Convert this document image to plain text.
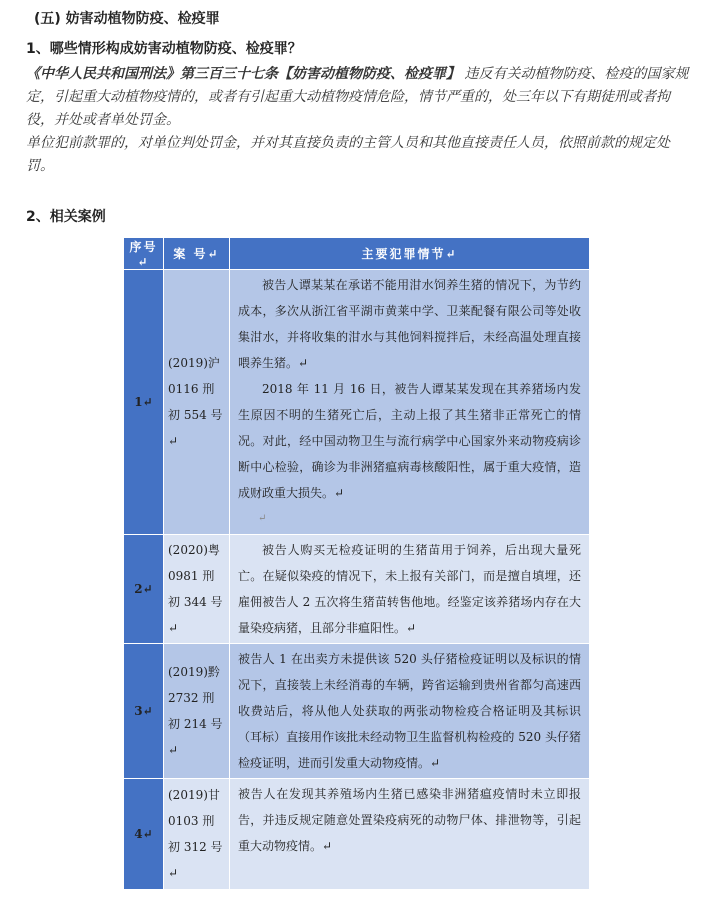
(五) 妨害动植物防疫、检疫罪
1、哪些情形构成妨害动植物防疫、检疫罪？
《中华人民共和国刑法》第三百三十七条【妨害动植物防疫、检疫罪】 违反有关动植物防疫、检疫的国家规定，引起重大动植物疫情的，或者有引起重大动植物疫情危险，情节严重的，处三年以下有期徒刑或者拘役，并处或者单处罚金。
单位犯前款罪的，对单位判处罚金，并对其直接负责的主管人员和其他直接责任人员，依照前款的规定处罚。
2、相关案例
序号↵	案 号↵	主要犯罪情节↵
1↵	(2019)沪 0116 刑初 554 号↵	被告人谭某某在承诺不能用泔水饲养生猪的情况下，为节约成本，多次从浙江省平湖市黄莱中学、卫莱配餐有限公司等处收集泔水，并将收集的泔水与其他饲料搅拌后，未经高温处理直接喂养生猪。↵

2018 年 11 月 16 日，被告人谭某某发现在其养猪场内发生原因不明的生猪死亡后，主动上报了其生猪非正常死亡的情况。对此，经中国动物卫生与流行病学中心国家外来动物疫病诊断中心检验，确诊为非洲猪瘟病毒核酸阳性，属于重大疫情，造成财政重大损失。↵

↵

2↵	(2020)粤 0981 刑初 344 号↵	被告人购买无检疫证明的生猪苗用于饲养，后出现大量死亡。在疑似染疫的情况下，未上报有关部门，而是擅自填埋，还雇佣被告人 2 五次将生猪苗转售他地。经鉴定该养猪场内存在大量染疫病猪，且部分非瘟阳性。↵

3↵	(2019)黔 2732 刑初 214 号↵	被告人 1 在出卖方未提供该 520 头仔猪检疫证明以及标识的情况下，直接装上未经消毒的车辆，跨省运输到贵州省都匀高速西收费站后，将从他人处获取的两张动物检疫合格证明及其标识（耳标）直接用作该批未经动物卫生监督机构检疫的 520 头仔猪检疫证明，进而引发重大动物疫情。↵

4↵	(2019)甘 0103 刑初 312 号↵	被告人在发现其养殖场内生猪已感染非洲猪瘟疫情时未立即报告，并违反规定随意处置染疫病死的动物尸体、排泄物等，引起重大动物疫情。↵
